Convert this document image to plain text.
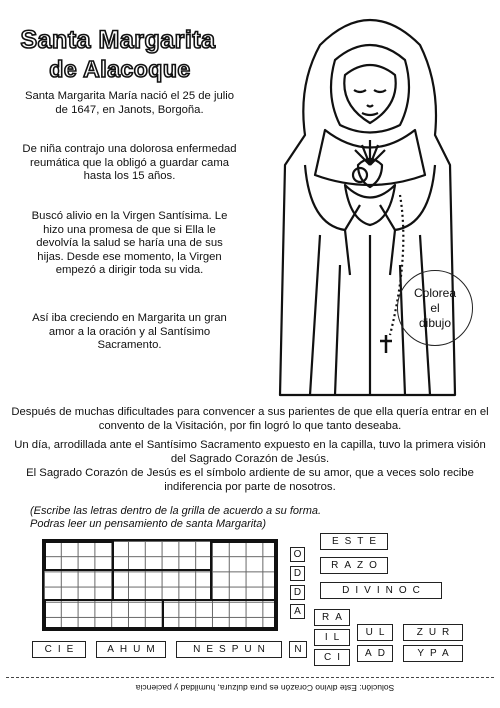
Santa Margarita
de Alacoque
Santa Margarita María nació el 25 de julio de 1647, en Janots, Borgoña.
De niña contrajo una dolorosa enfermedad reumática que la obligó a guardar cama hasta los 15 años.
Buscó alivio en la Virgen Santísima. Le hizo una promesa de que si Ella le devolvía la salud se haría una de sus hijas. Desde ese momento, la Virgen empezó a dirigir toda su vida.
Así iba creciendo en Margarita un gran amor a la oración y al Santísimo Sacramento.
Colorea
el
dibujo
Después de muchas dificultades para convencer a sus parientes de que ella quería entrar en el convento de la Visitación, por fin logró lo que tanto deseaba.
Un día, arrodillada ante el Santísimo Sacramento expuesto en la capilla, tuvo la primera visión del Sagrado Corazón de Jesús.
El Sagrado Corazón de Jesús es el símbolo ardiente de su amor, que a veces solo recibe indiferencia por parte de nosotros.
(Escribe las letras dentro de la grilla de acuerdo a su forma.
Podras leer un pensamiento de santa Margarita)
O
D
D
A
ESTE
RAZO
DIVINOC
RA
IL
CI
UL	ZUR
AD	YPA
CIE	AHUM	NESPUN	N
Solución: Este divino Corazón es pura dulzura, humildad y paciencia
